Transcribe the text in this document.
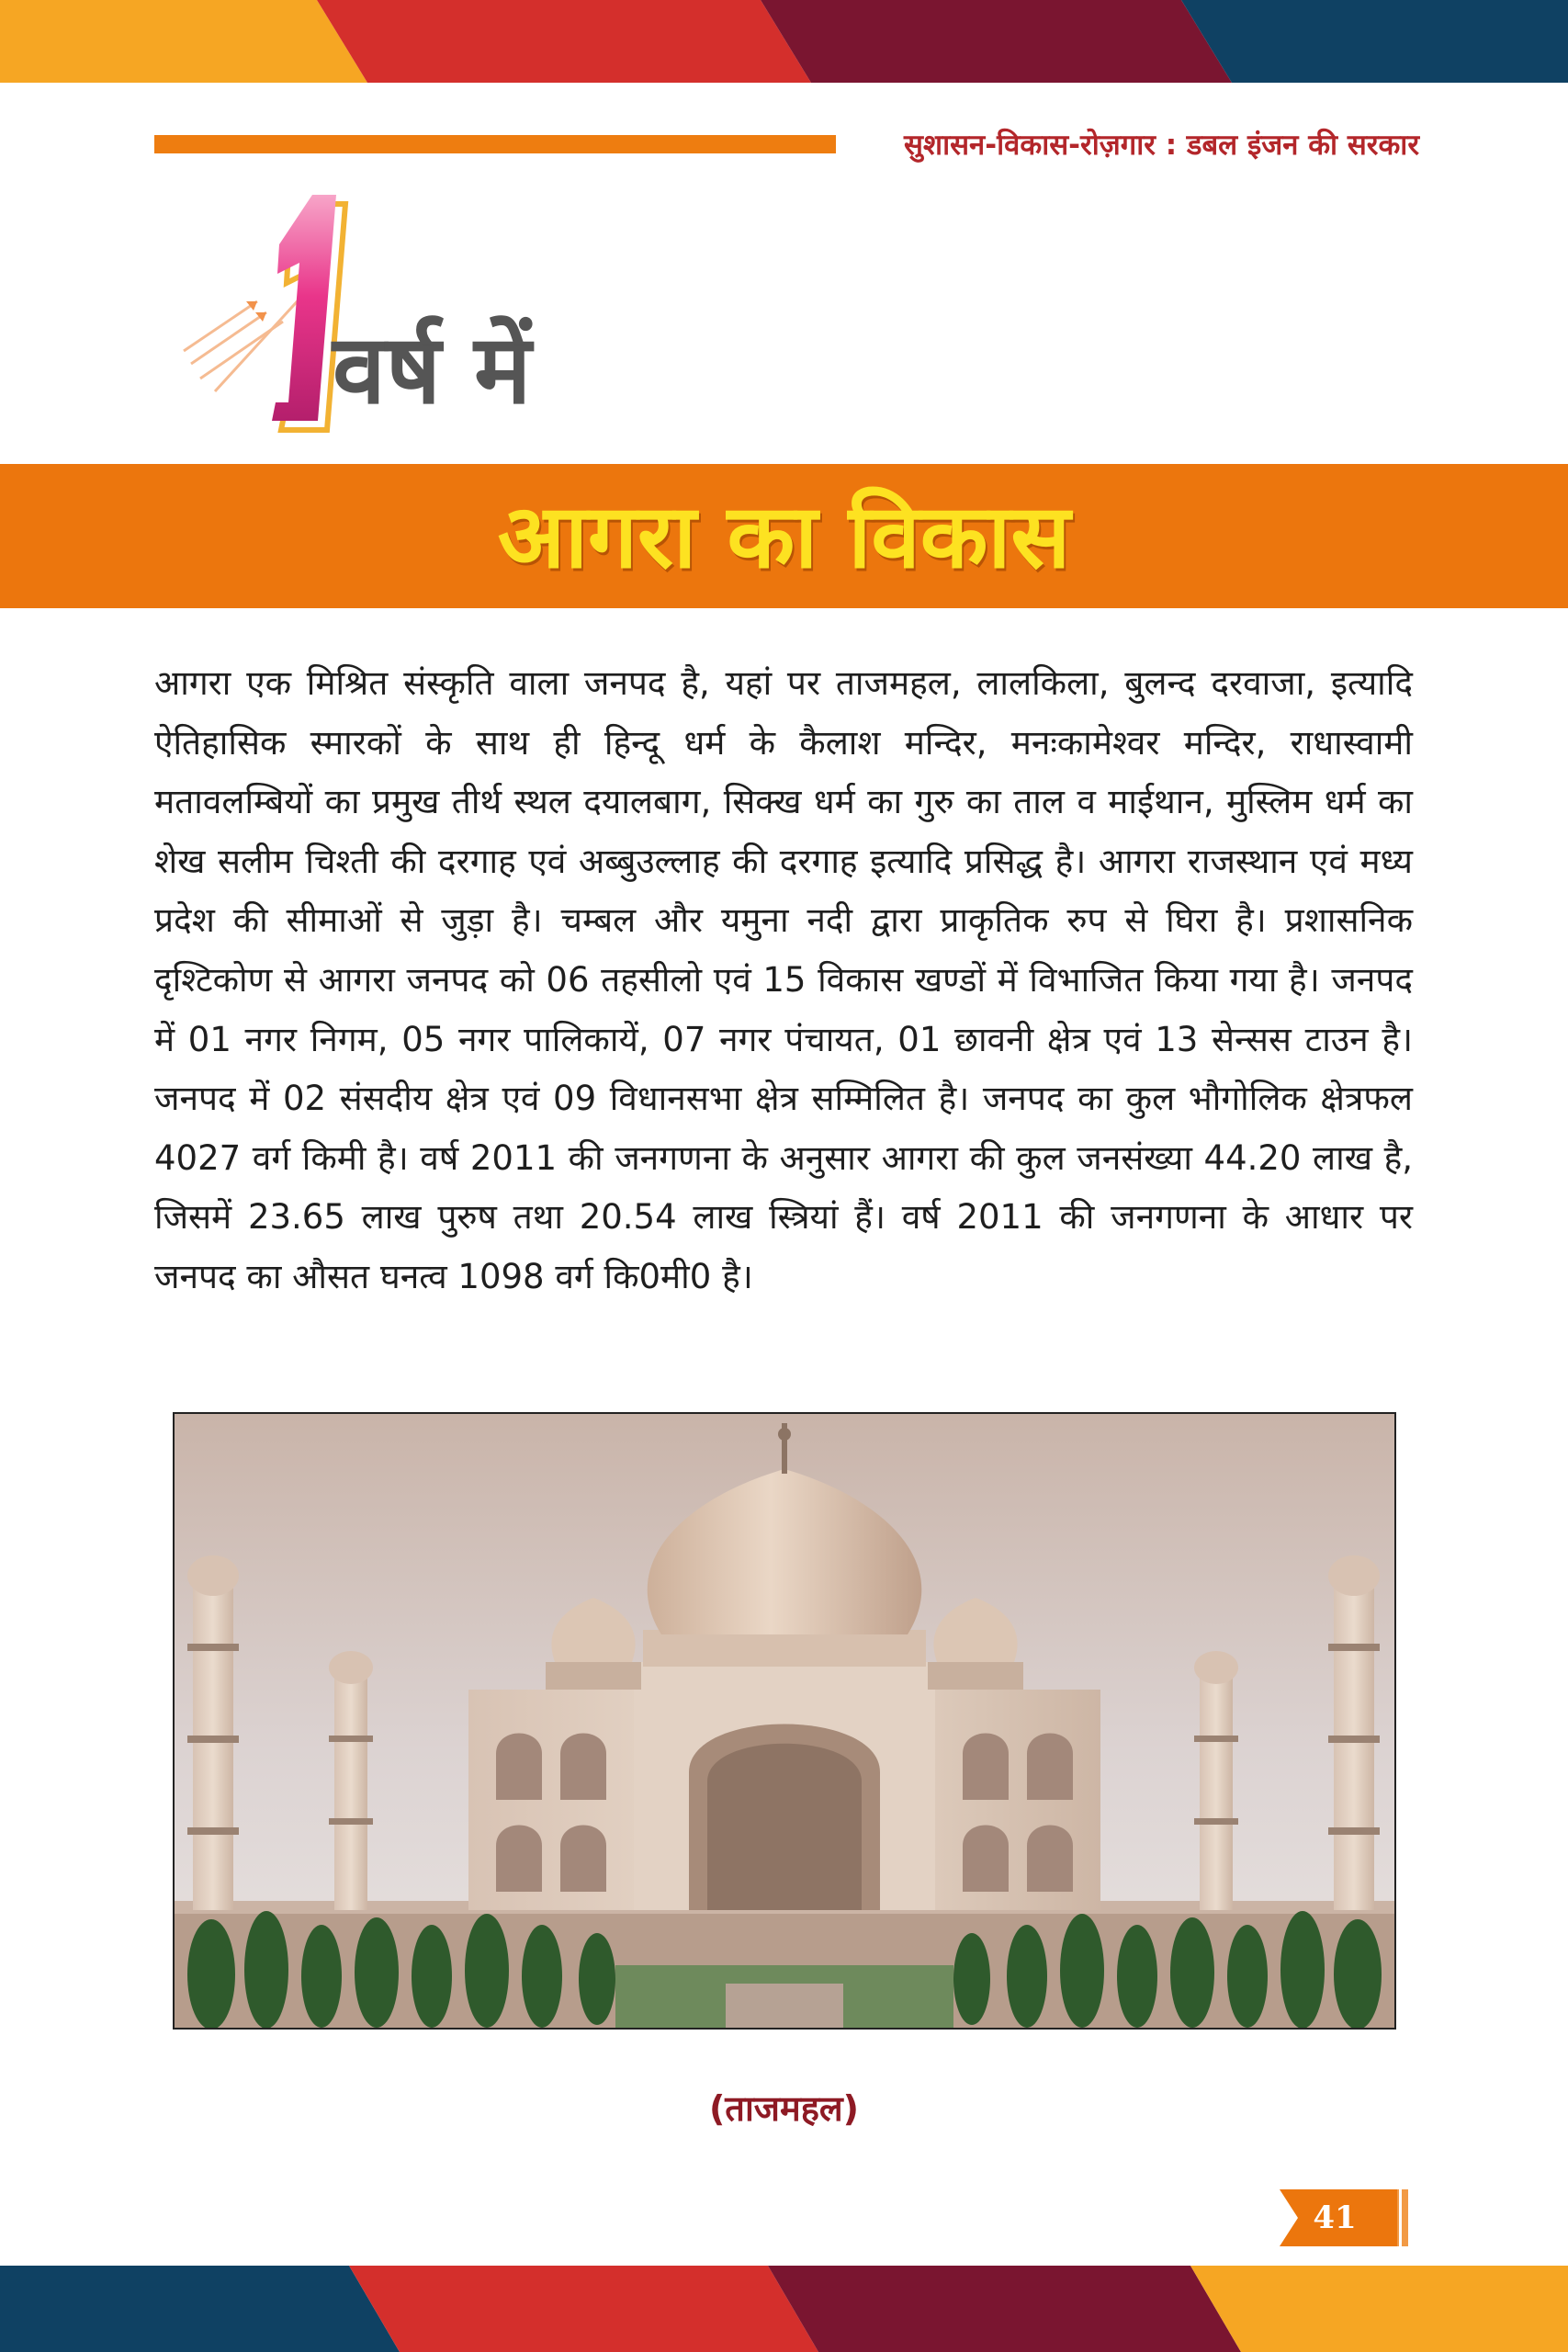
सुशासन-विकास-रोज़गार : डबल इंजन की सरकार
वर्ष में
आगरा का विकास

आगरा एक मिश्रित संस्कृति वाला जनपद है, यहां पर ताजमहल, लालकिला, बुलन्द दरवाजा, इत्यादि ऐतिहासिक स्मारकों के साथ ही हिन्दू धर्म के कैलाश मन्दिर, मनःकामेश्वर मन्दिर, राधास्वामी मतावलम्बियों का प्रमुख तीर्थ स्थल दयालबाग, सिक्ख धर्म का गुरु का ताल व माईथान, मुस्लिम धर्म का शेख सलीम चिश्ती की दरगाह एवं अब्बुउल्लाह की दरगाह इत्यादि प्रसिद्ध है। आगरा राजस्थान एवं मध्य प्रदेश की सीमाओं से जुड़ा है। चम्बल और यमुना नदी द्वारा प्राकृतिक रुप से घिरा है। प्रशासनिक दृश्टिकोण से आगरा जनपद को 06 तहसीलो एवं 15 विकास खण्डों में विभाजित किया गया है। जनपद में 01 नगर निगम, 05 नगर पालिकायें, 07 नगर पंचायत, 01 छावनी क्षेत्र एवं 13 सेन्सस टाउन है। जनपद में 02 संसदीय क्षेत्र एवं 09 विधानसभा क्षेत्र सम्मिलित है। जनपद का कुल भौगोलिक क्षेत्रफल 4027 वर्ग किमी है। वर्ष 2011 की जनगणना के अनुसार आगरा की कुल जनसंख्या 44.20 लाख है, जिसमें 23.65 लाख पुरुष तथा 20.54 लाख स्त्रियां हैं। वर्ष 2011 की जनगणना के आधार पर जनपद का औसत घनत्व 1098 वर्ग कि0मी0 है।

(ताजमहल)
41
